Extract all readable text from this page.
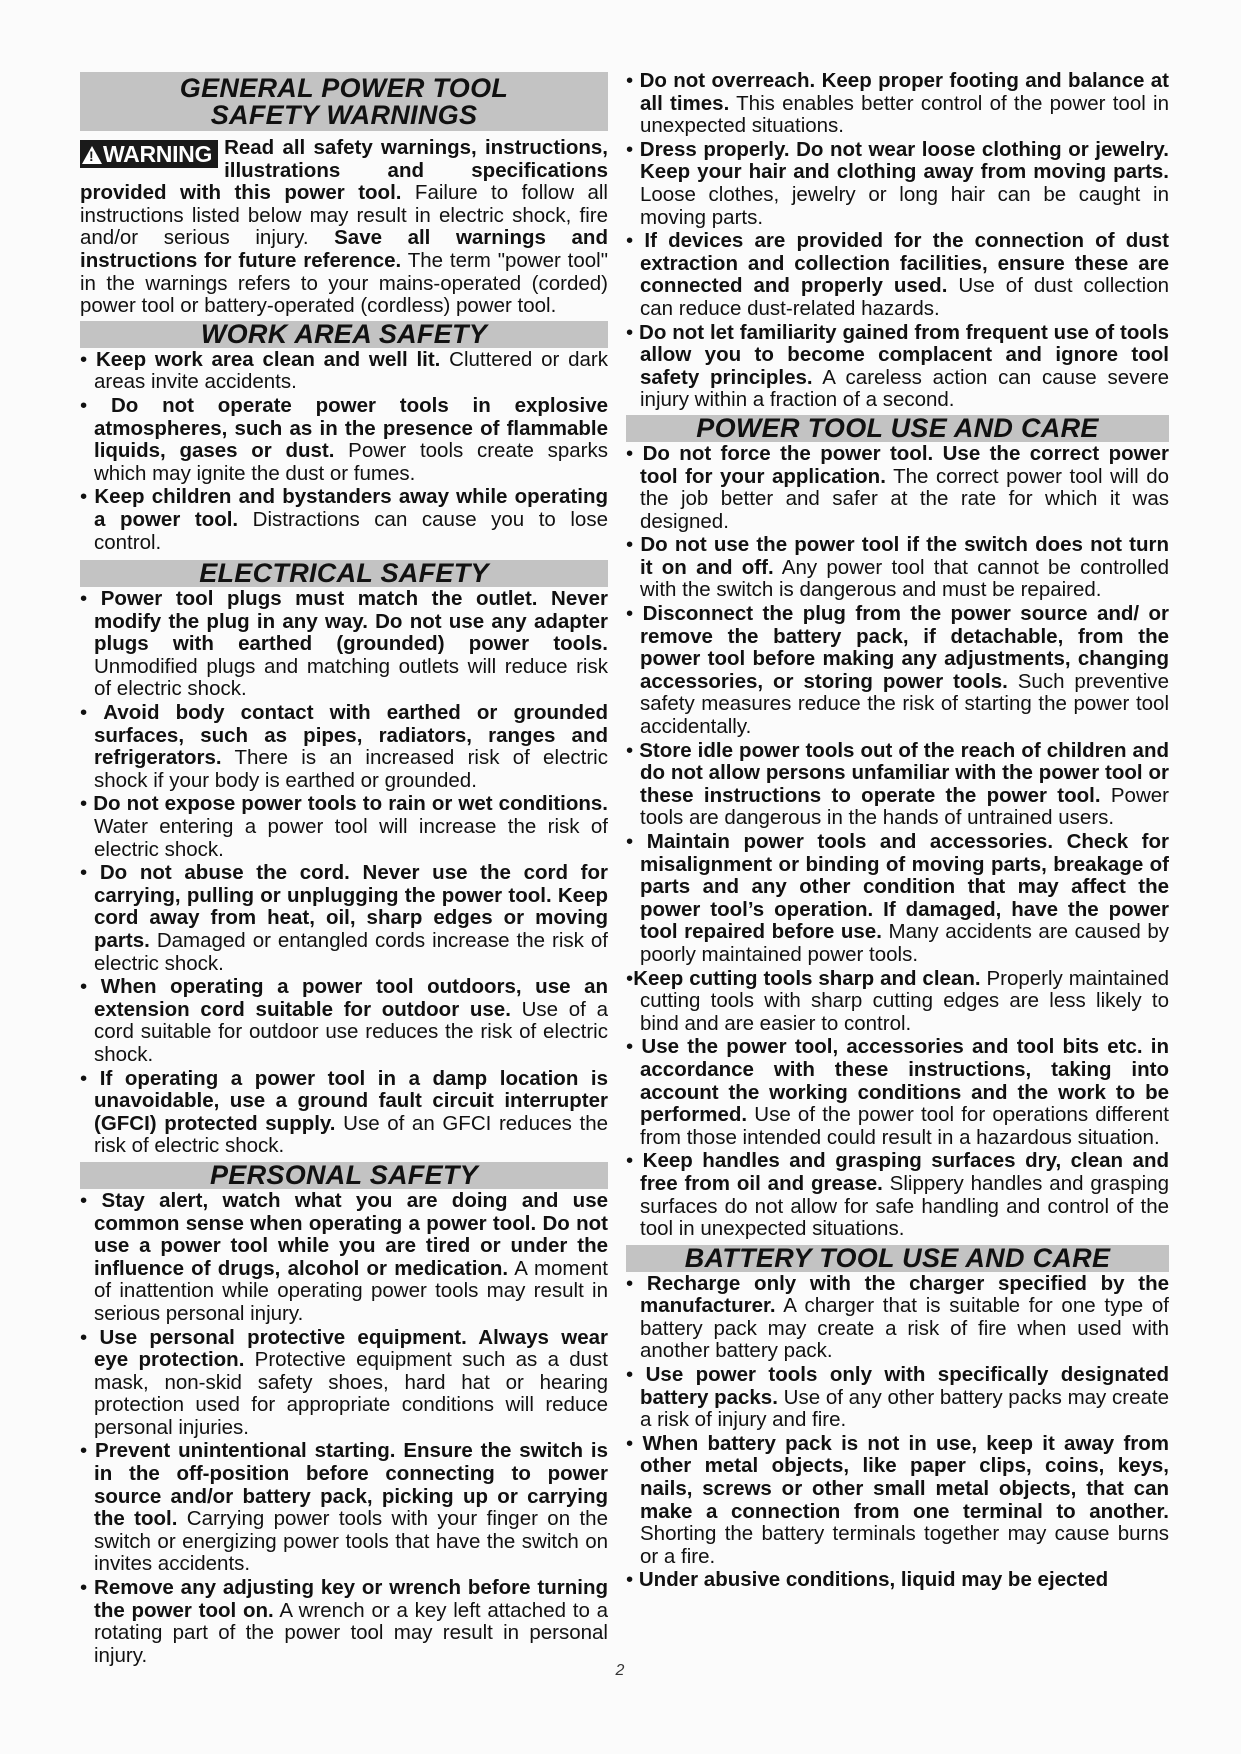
GENERAL POWER TOOL
SAFETY WARNINGS

! WARNING Read all safety warnings, instructions, illustrations and specifications provided with this power tool. Failure to follow all instructions listed below may result in electric shock, fire and/or serious injury. Save all warnings and instructions for future reference. The term "power tool" in the warnings refers to your mains-operated (corded) power tool or battery-operated (cordless) power tool.

WORK AREA SAFETY

• Keep work area clean and well lit. Cluttered or dark areas invite accidents.

• Do not operate power tools in explosive atmospheres, such as in the presence of flammable liquids, gases or dust. Power tools create sparks which may ignite the dust or fumes.

• Keep children and bystanders away while operating a power tool. Distractions can cause you to lose control.

ELECTRICAL SAFETY

• Power tool plugs must match the outlet. Never modify the plug in any way. Do not use any adapter plugs with earthed (grounded) power tools. Unmodified plugs and matching outlets will reduce risk of electric shock.

• Avoid body contact with earthed or grounded surfaces, such as pipes, radiators, ranges and refrigerators. There is an increased risk of electric shock if your body is earthed or grounded.

• Do not expose power tools to rain or wet conditions. Water entering a power tool will increase the risk of electric shock.

• Do not abuse the cord. Never use the cord for carrying, pulling or unplugging the power tool. Keep cord away from heat, oil, sharp edges or moving parts. Damaged or entangled cords increase the risk of electric shock.

• When operating a power tool outdoors, use an extension cord suitable for outdoor use. Use of a cord suitable for outdoor use reduces the risk of electric shock.

• If operating a power tool in a damp location is unavoidable, use a ground fault circuit interrupter (GFCI) protected supply. Use of an GFCI reduces the risk of electric shock.

PERSONAL SAFETY

• Stay alert, watch what you are doing and use common sense when operating a power tool. Do not use a power tool while you are tired or under the influence of drugs, alcohol or medication. A moment of inattention while operating power tools may result in serious personal injury.

• Use personal protective equipment. Always wear eye protection. Protective equipment such as a dust mask, non-skid safety shoes, hard hat or hearing protection used for appropriate conditions will reduce personal injuries.

• Prevent unintentional starting. Ensure the switch is in the off-position before connecting to power source and/or battery pack, picking up or carrying the tool. Carrying power tools with your finger on the switch or energizing power tools that have the switch on invites accidents.

• Remove any adjusting key or wrench before turning the power tool on. A wrench or a key left attached to a rotating part of the power tool may result in personal injury.

• Do not overreach. Keep proper footing and balance at all times. This enables better control of the power tool in unexpected situations.

• Dress properly. Do not wear loose clothing or jewelry. Keep your hair and clothing away from moving parts. Loose clothes, jewelry or long hair can be caught in moving parts.

• If devices are provided for the connection of dust extraction and collection facilities, ensure these are connected and properly used. Use of dust collection can reduce dust-related hazards.

• Do not let familiarity gained from frequent use of tools allow you to become complacent and ignore tool safety principles. A careless action can cause severe injury within a fraction of a second.

POWER TOOL USE AND CARE

• Do not force the power tool. Use the correct power tool for your application. The correct power tool will do the job better and safer at the rate for which it was designed.

• Do not use the power tool if the switch does not turn it on and off. Any power tool that cannot be controlled with the switch is dangerous and must be repaired.

• Disconnect the plug from the power source and/ or remove the battery pack, if detachable, from the power tool before making any adjustments, changing accessories, or storing power tools. Such preventive safety measures reduce the risk of starting the power tool accidentally.

• Store idle power tools out of the reach of children and do not allow persons unfamiliar with the power tool or these instructions to operate the power tool. Power tools are dangerous in the hands of untrained users.

• Maintain power tools and accessories. Check for misalignment or binding of moving parts, breakage of parts and any other condition that may affect the power tool’s operation. If damaged, have the power tool repaired before use. Many accidents are caused by poorly maintained power tools.

•Keep cutting tools sharp and clean. Properly maintained cutting tools with sharp cutting edges are less likely to bind and are easier to control.

• Use the power tool, accessories and tool bits etc. in accordance with these instructions, taking into account the working conditions and the work to be performed. Use of the power tool for operations different from those intended could result in a hazardous situation.

• Keep handles and grasping surfaces dry, clean and free from oil and grease. Slippery handles and grasping surfaces do not allow for safe handling and control of the tool in unexpected situations.

BATTERY TOOL USE AND CARE

• Recharge only with the charger specified by the manufacturer. A charger that is suitable for one type of battery pack may create a risk of fire when used with another battery pack.

• Use power tools only with specifically designated battery packs. Use of any other battery packs may create a risk of injury and fire.

• When battery pack is not in use, keep it away from other metal objects, like paper clips, coins, keys, nails, screws or other small metal objects, that can make a connection from one terminal to another. Shorting the battery terminals together may cause burns or a fire.

• Under abusive conditions, liquid may be ejected

2
